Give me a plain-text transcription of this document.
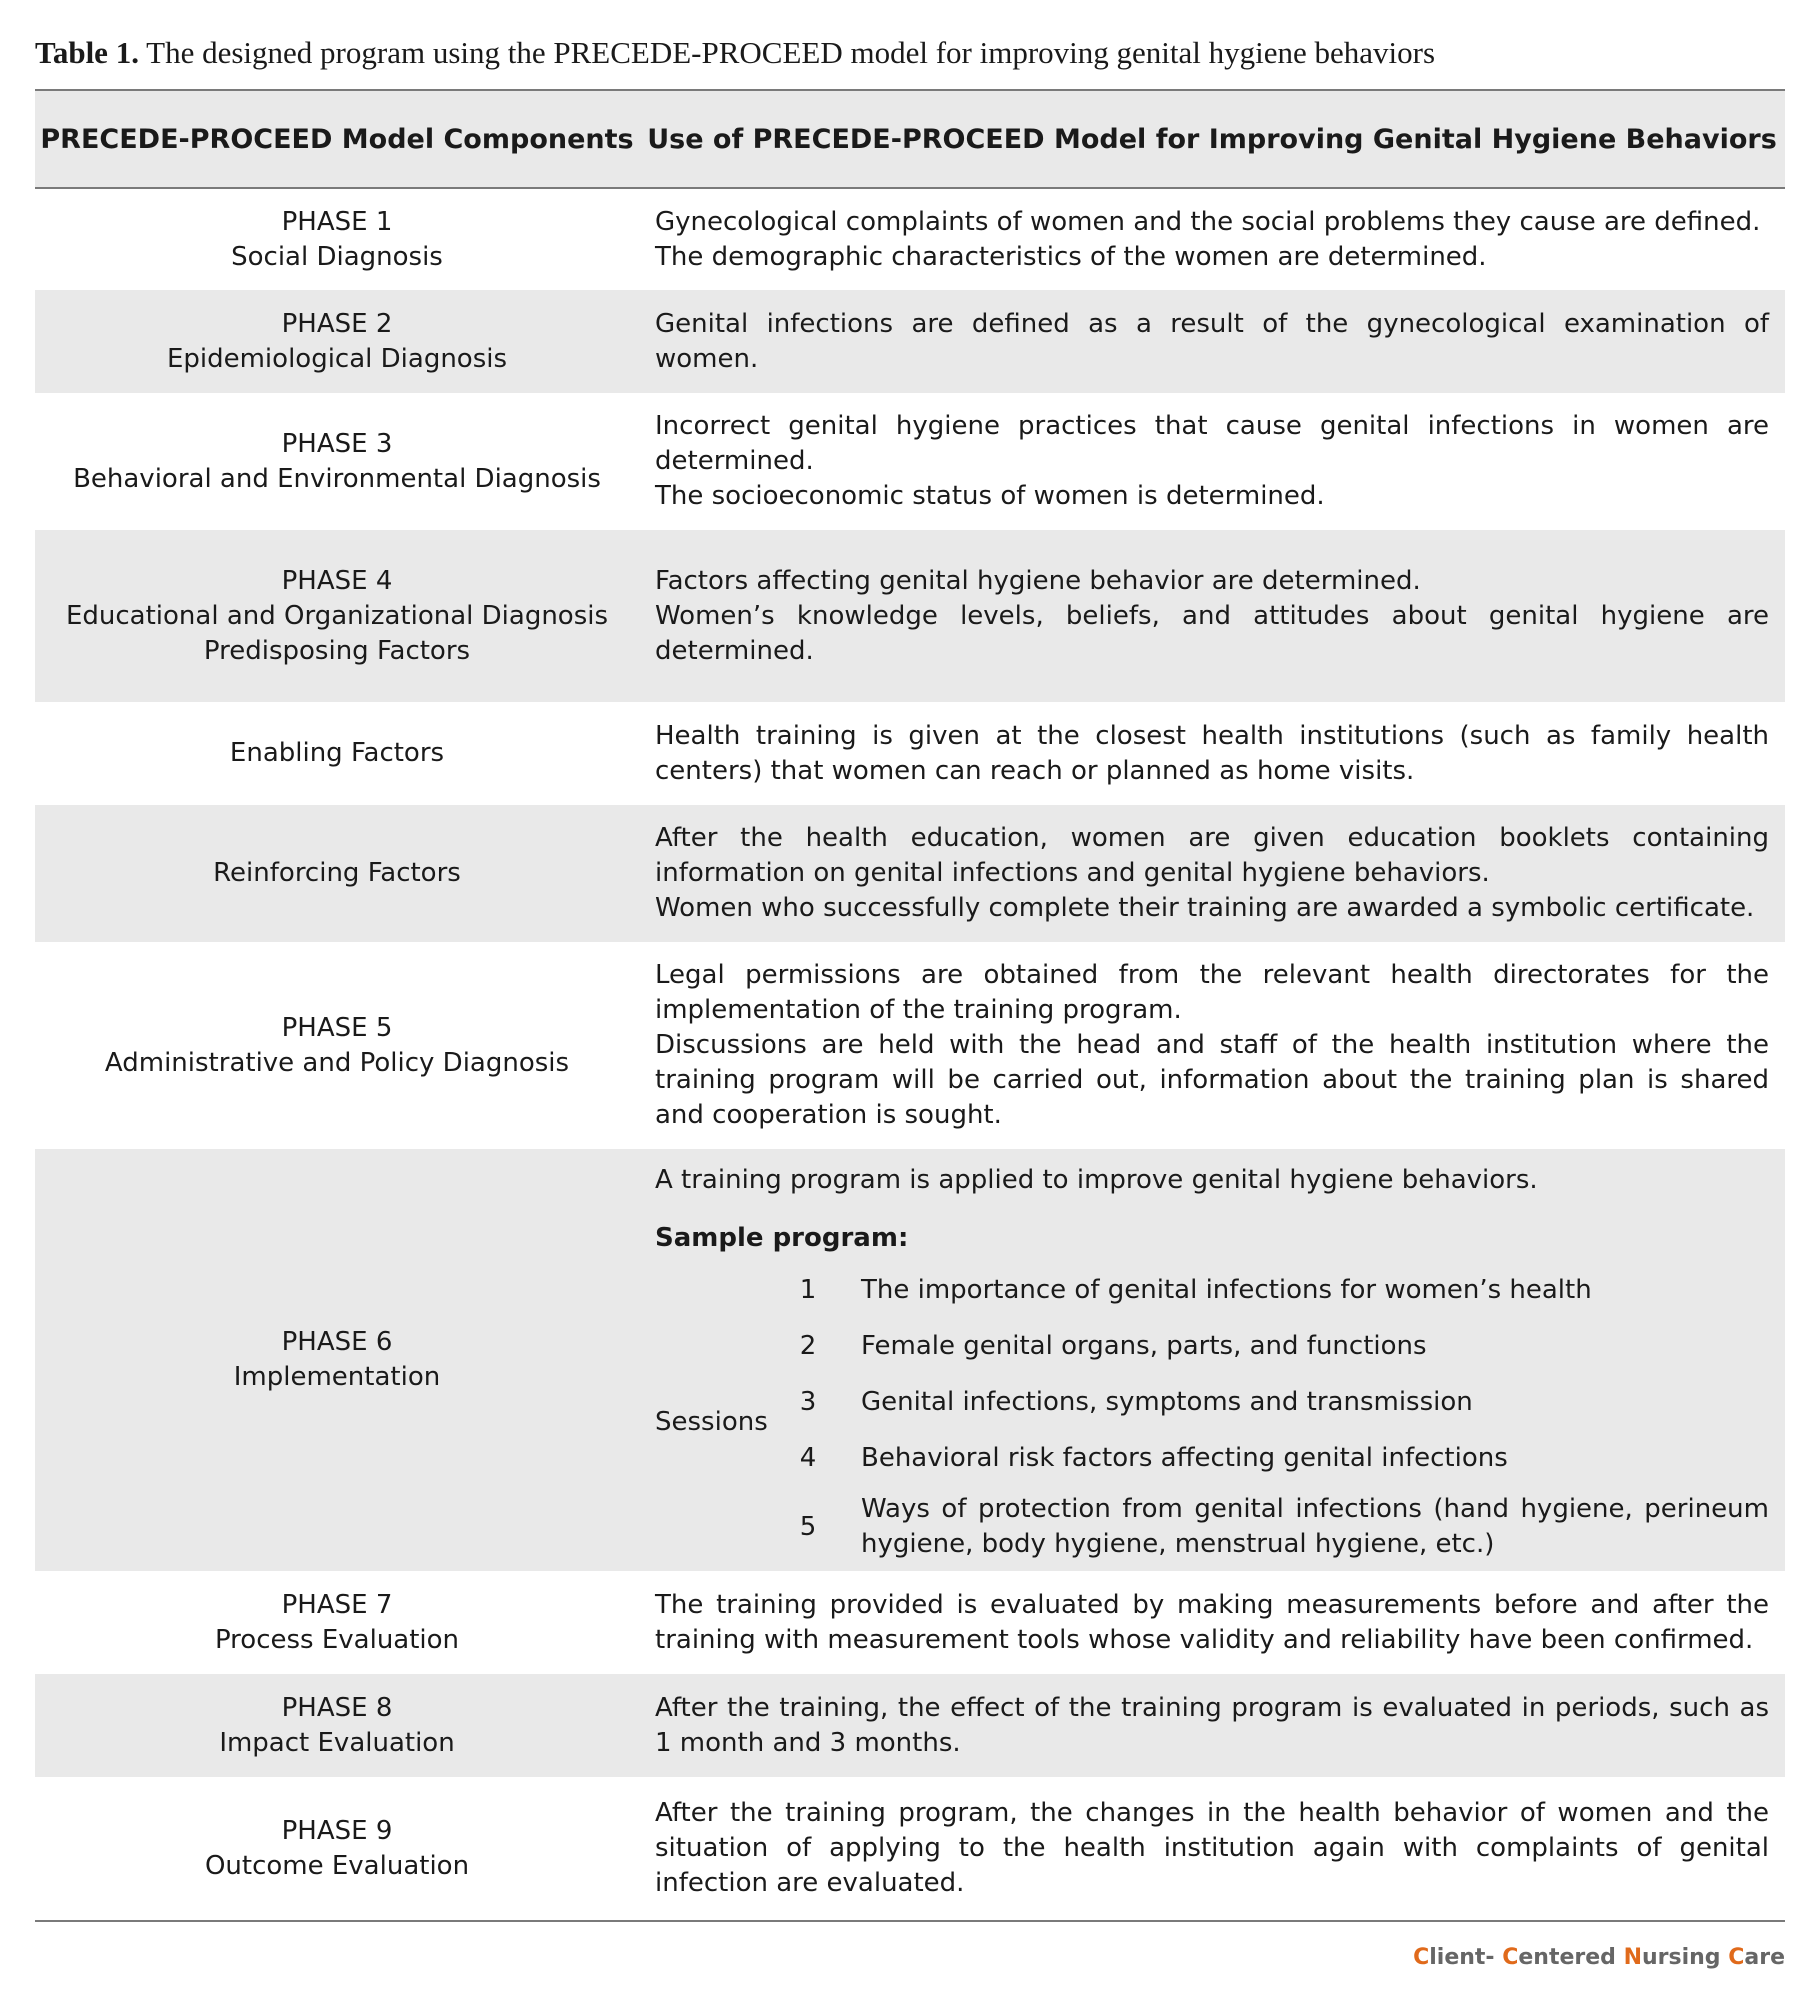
Table 1. The designed program using the PRECEDE-PROCEED model for improving genital hygiene behaviors
PRECEDE-PROCEED Model Components Use of PRECEDE-PROCEED Model for Improving Genital Hygiene Behaviors
PHASE 1
Social Diagnosis
Gynecological complaints of women and the social problems they cause are defined.
The demographic characteristics of the women are determined.
PHASE 2
Epidemiological Diagnosis
Genital infections are defined as a result of the gynecological examination of women.
PHASE 3
Behavioral and Environmental Diagnosis
Incorrect genital hygiene practices that cause genital infections in women are determined.
The socioeconomic status of women is determined.
PHASE 4
Educational and Organizational Diagnosis
Predisposing Factors
Factors affecting genital hygiene behavior are determined.
Women’s knowledge levels, beliefs, and attitudes about genital hygiene are determined.
Enabling Factors
Health training is given at the closest health institutions (such as family health centers) that women can reach or planned as home visits.
Reinforcing Factors
After the health education, women are given education booklets containing information on genital infections and genital hygiene behaviors.
Women who successfully complete their training are awarded a symbolic certificate.
PHASE 5
Administrative and Policy Diagnosis
Legal permissions are obtained from the relevant health directorates for the implementation of the training program.
Discussions are held with the head and staff of the health institution where the training program will be carried out, information about the training plan is shared and cooperation is sought.
PHASE 6
Implementation
A training program is applied to improve genital hygiene behaviors.
Sample program:
Sessions
1 The importance of genital infections for women’s health
2 Female genital organs, parts, and functions
3 Genital infections, symptoms and transmission
4 Behavioral risk factors affecting genital infections
5
Ways of protection from genital infections (hand hygiene, perineum hygiene, body hygiene, menstrual hygiene, etc.)
PHASE 7
Process Evaluation
The training provided is evaluated by making measurements before and after the training with measurement tools whose validity and reliability have been confirmed.
PHASE 8
Impact Evaluation
After the training, the effect of the training program is evaluated in periods, such as 1 month and 3 months.
PHASE 9
Outcome Evaluation
After the training program, the changes in the health behavior of women and the situation of applying to the health institution again with complaints of genital infection are evaluated.
Client- Centered Nursing Care
